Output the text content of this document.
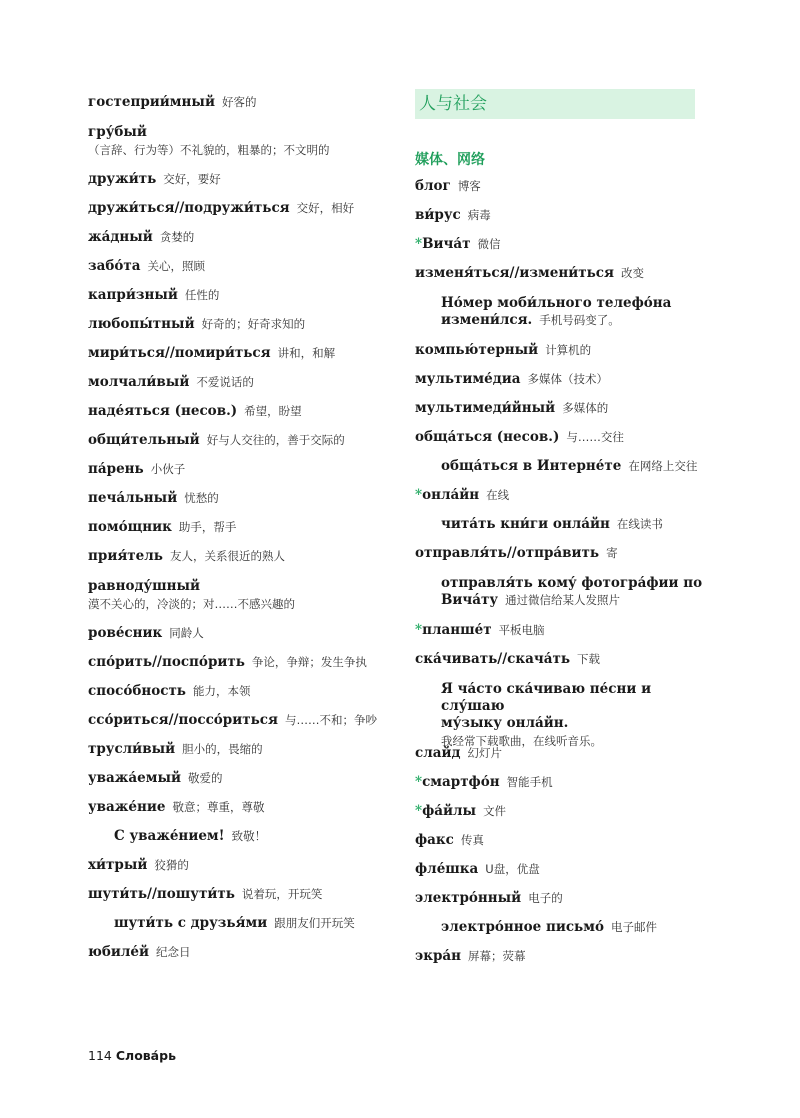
гостеприи́мный 好客的
гру́бый
（言辞、行为等）不礼貌的，粗暴的；不文明的
дружи́ть 交好，要好
дружи́ться//подружи́ться 交好，相好
жа́дный 贪婪的
забо́та 关心，照顾
капри́зный 任性的
любопы́тный 好奇的；好奇求知的
мири́ться//помири́ться 讲和，和解
молчали́вый 不爱说话的
наде́яться (несов.) 希望，盼望
общи́тельный 好与人交往的，善于交际的
па́рень 小伙子
печа́льный 忧愁的
помо́щник 助手，帮手
прия́тель 友人，关系很近的熟人
равноду́шный
漠不关心的，冷淡的；对……不感兴趣的
рове́сник 同龄人
спо́рить//поспо́рить 争论，争辩；发生争执
спосо́бность 能力，本领
ссо́риться//поссо́риться 与……不和；争吵
трусли́вый 胆小的，畏缩的
уважа́емый 敬爱的
уваже́ние 敬意；尊重，尊敬
С уваже́нием! 致敬！
хи́трый 狡猾的
шути́ть//пошути́ть 说着玩，开玩笑
шути́ть с друзья́ми 跟朋友们开玩笑
юбиле́й 纪念日
人与社会
媒体、网络
блог 博客
ви́рус 病毒
*Вича́т 微信
изменя́ться//измени́ться 改变
Но́мер моби́льного телефо́на
измени́лся. 手机号码变了。
компью́терный 计算机的
мультиме́диа 多媒体（技术）
мультимеди́йный 多媒体的
обща́ться (несов.) 与……交往
обща́ться в Интерне́те 在网络上交往
*онла́йн 在线
чита́ть кни́ги онла́йн 在线读书
отправля́ть//отпра́вить 寄
отправля́ть кому́ фотогра́фии по
Вича́ту 通过微信给某人发照片
*планше́т 平板电脑
ска́чивать//скача́ть 下载
Я ча́сто ска́чиваю пе́сни и слу́шаю
му́зыку онла́йн.
我经常下载歌曲，在线听音乐。
слайд 幻灯片
*смартфо́н 智能手机
*фа́йлы 文件
факс 传真
фле́шка U盘，优盘
электро́нный 电子的
электро́нное письмо́ 电子邮件
экра́н 屏幕；荧幕
114 Слова́рь
